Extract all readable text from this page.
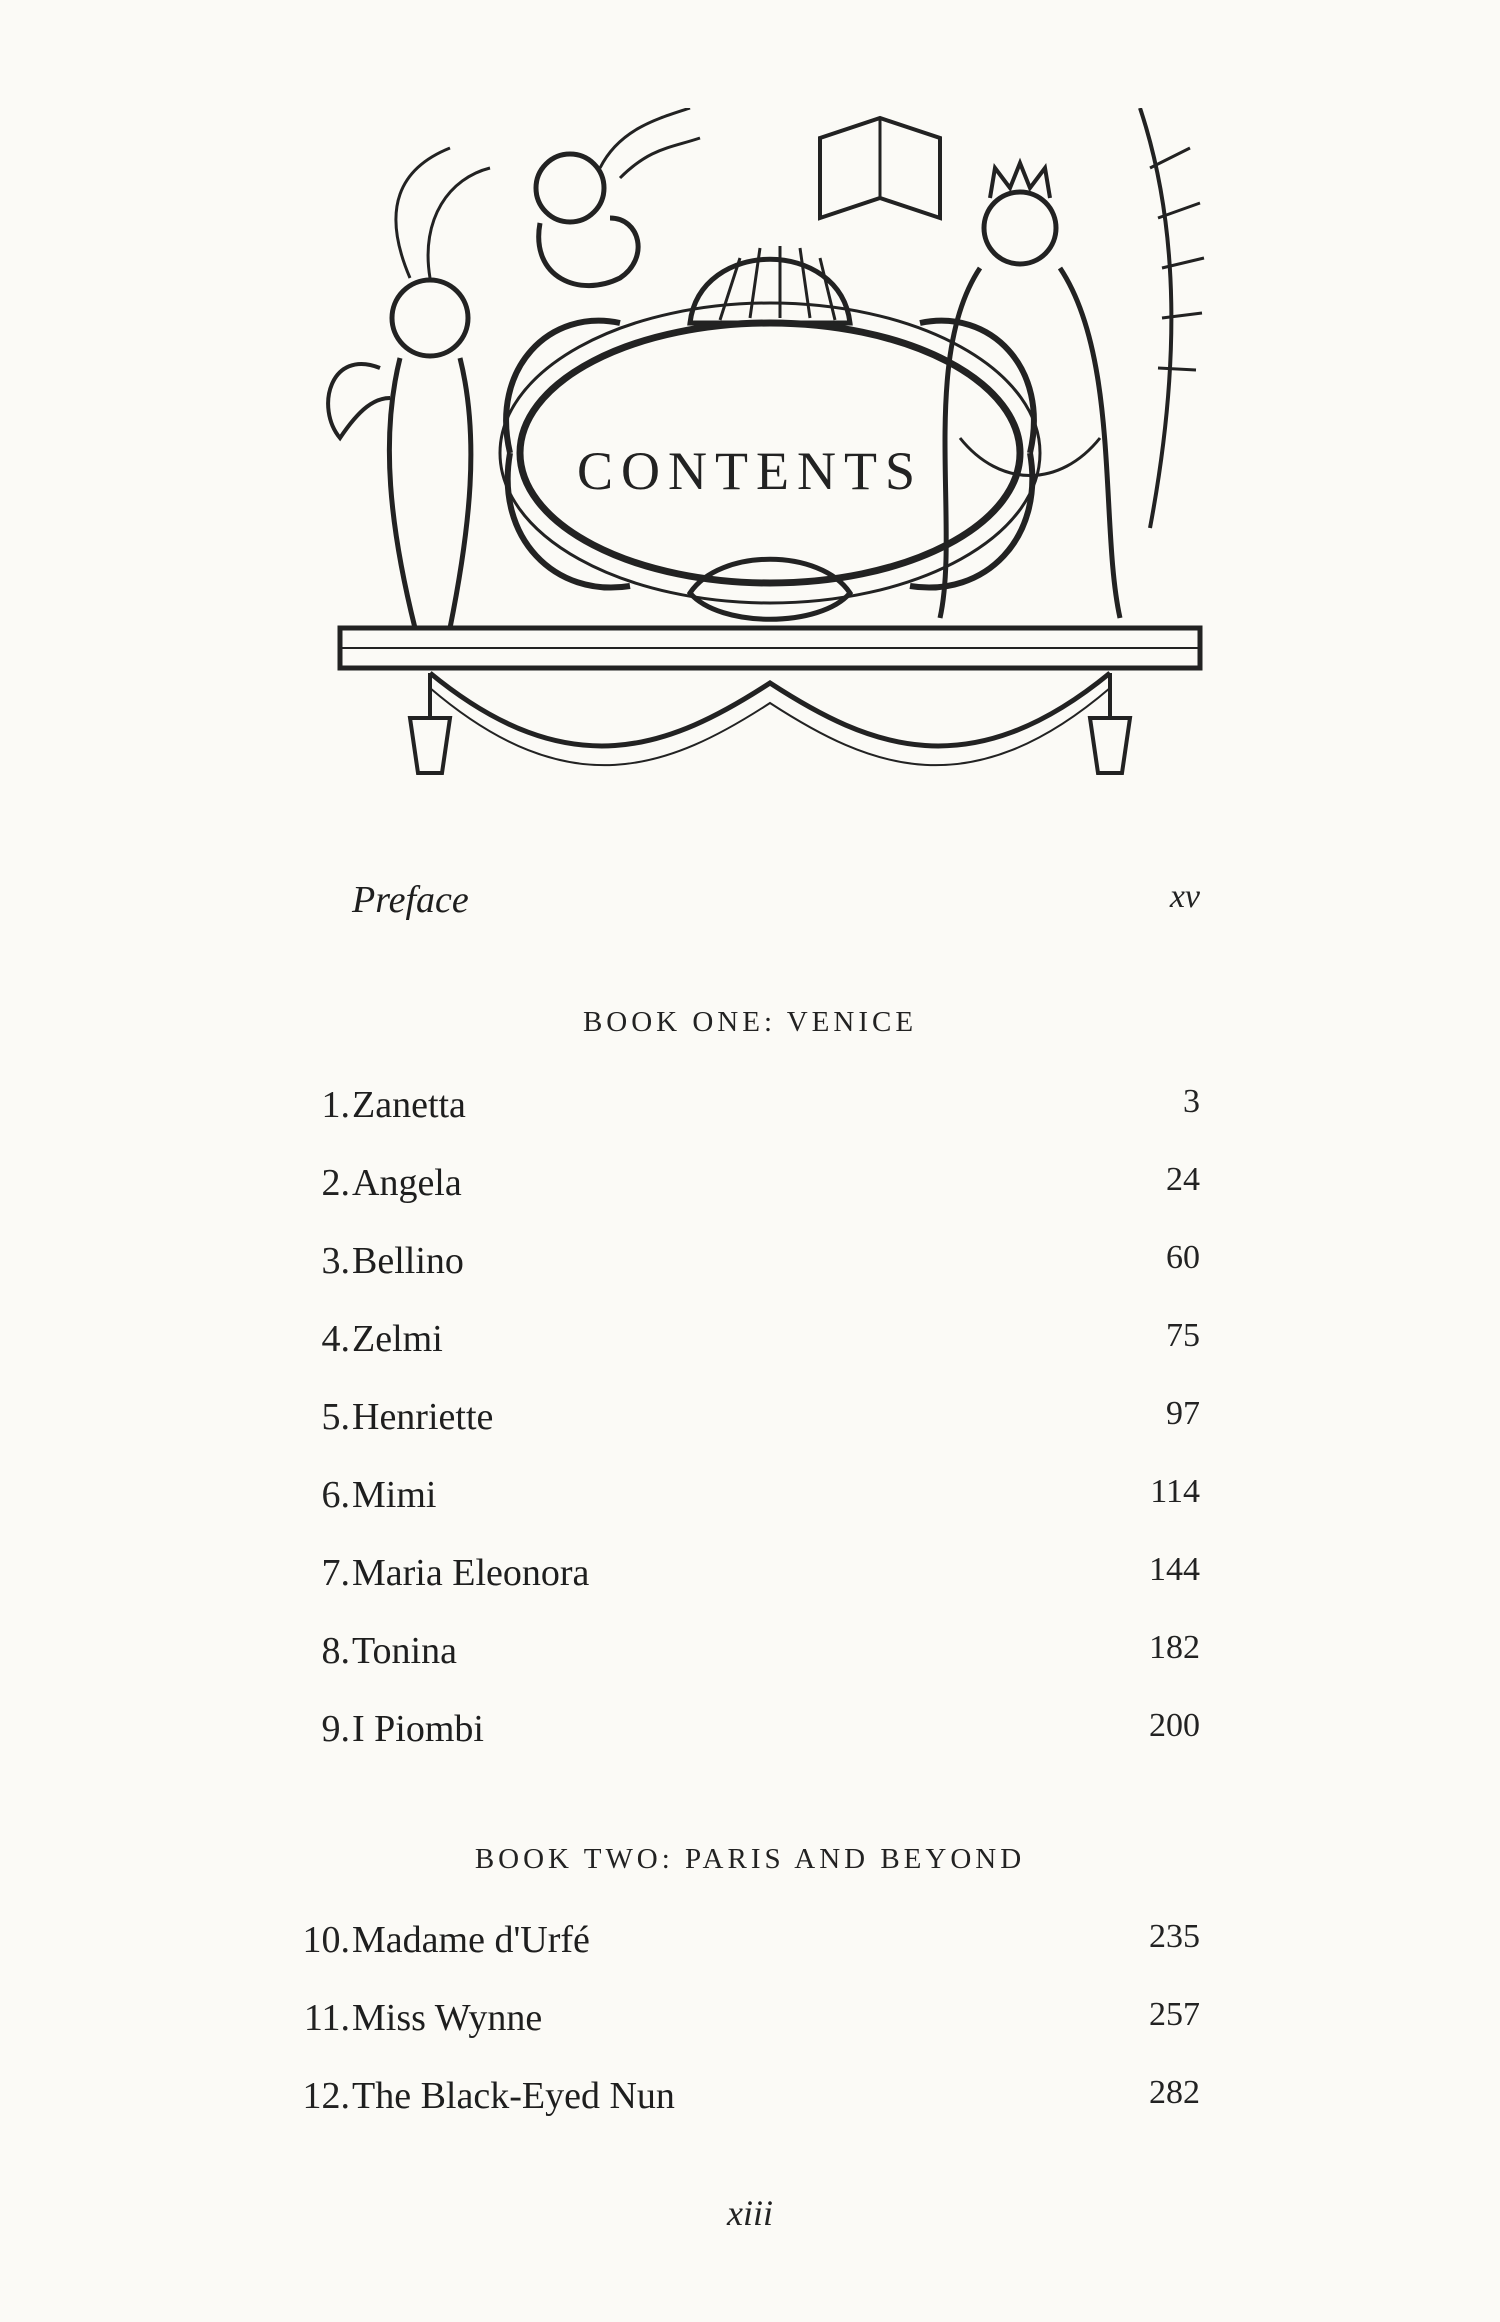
CONTENTS
Preface	xv
BOOK ONE: VENICE
1. Zanetta	3
2. Angela	24
3. Bellino	60
4. Zelmi	75
5. Henriette	97
6. Mimi	114
7. Maria Eleonora	144
8. Tonina	182
9. I Piombi	200
BOOK TWO: PARIS AND BEYOND
10. Madame d'Urfé	235
11. Miss Wynne	257
12. The Black-Eyed Nun	282
xiii
